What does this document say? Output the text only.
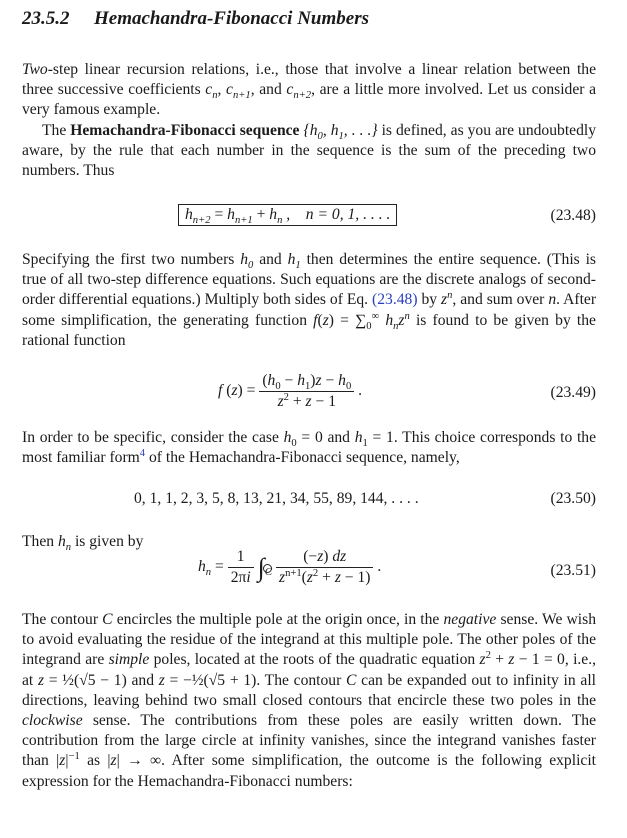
23.5.2 Hemachandra-Fibonacci Numbers
Two-step linear recursion relations, i.e., those that involve a linear relation between the three successive coefficients $c_n$, $c_{n+1}$, and $c_{n+2}$, are a little more involved. Let us consider a very famous example.
The Hemachandra-Fibonacci sequence {$h_0$, $h_1$, . . .} is defined, as you are undoubtedly aware, by the rule that each number in the sequence is the sum of the preceding two numbers. Thus
$h_{n+2} = h_{n+1} + h_n$ ,    n = 0, 1, . . . .	(23.48)
Specifying the first two numbers $h_0$ and $h_1$ then determines the entire sequence. (This is true of all two-step difference equations. Such equations are the discrete analogs of second-order differential equations.) Multiply both sides of Eq. (23.48) by $z^n$, and sum over n. After some simplification, the generating function $f(z) = \sum_0^\infty$ $h_nz^n$ is found to be given by the rational function
f $(z) = \frac{(h_0 - h_1)z - h_0}{z^2 + z - 1}$ .	(23.49)
In order to be specific, consider the case $h_0 = 0$ and $h_1 = 1$. This choice corresponds to the most familiar form$^4$ of the Hemachandra-Fibonacci sequence, namely,
0, 1, 1, 2, 3, 5, 8, 13, 21, 34, 55, 89, 144, . . . .	(23.50)
Then $h_n$ is given by
$h_n = \frac{1}{2\pi i}$ ∫
$_C \frac{(-z) dz}{z^{n+1}(z^2 + z - 1)}$ .	(23.51)
The contour C encircles the multiple pole at the origin once, in the negative sense. We wish to avoid evaluating the residue of the integrand at this multiple pole. The other poles of the integrand are simple poles, located at the roots of the quadratic equation $z^2 + z - 1 = 0$, i.e., at z = ½(√5 − 1) and z = −½(√5 + 1). The contour C can be expanded out to infinity in all directions, leaving behind two small closed contours that encircle these two poles in the clockwise sense. The contributions from these poles are easily written down. The contribution from the large circle at infinity vanishes, since the integrand vanishes faster than $|z|^{-1}$ as |z| → ∞. After some simplification, the outcome is the following explicit expression for the Hemachandra-Fibonacci numbers:
